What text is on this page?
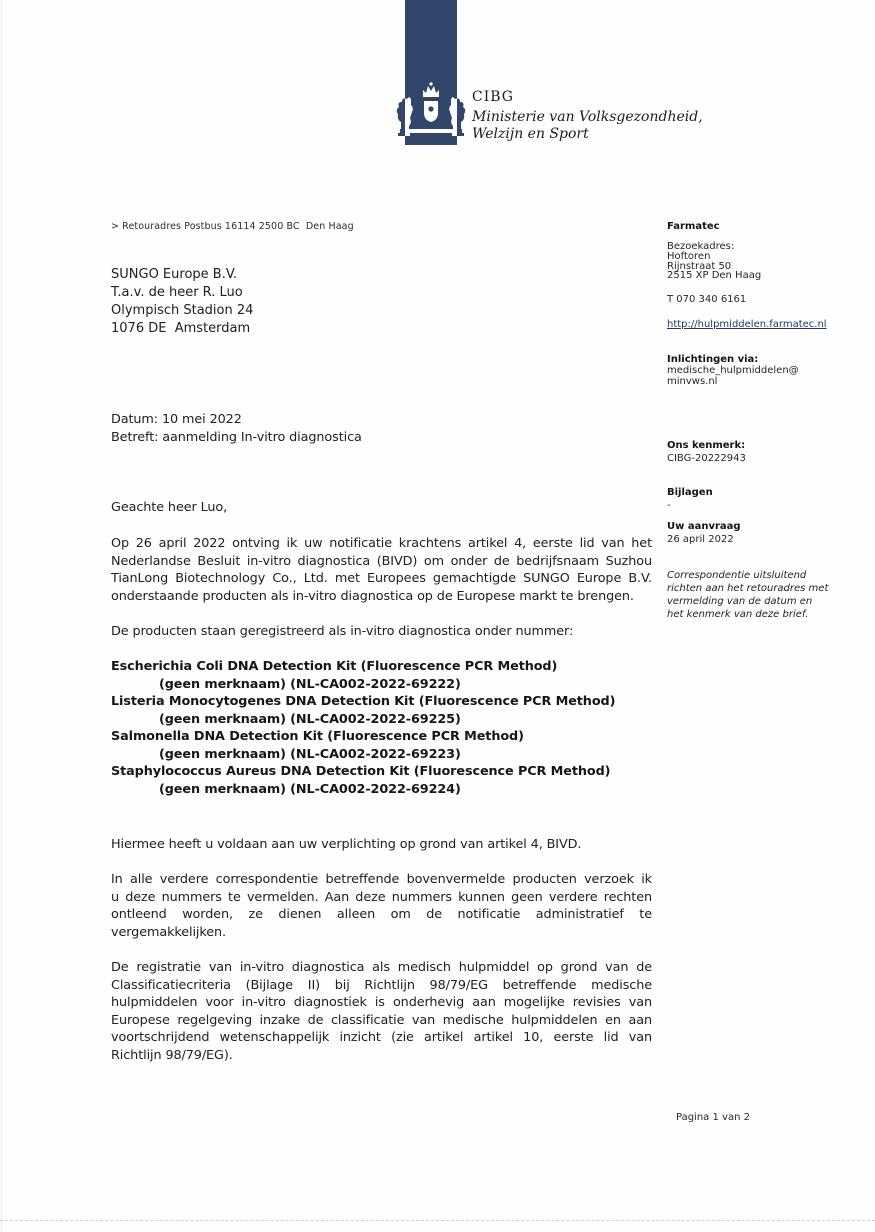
CIBG
Ministerie van Volksgezondheid,
Welzijn en Sport
> Retouradres Postbus 16114 2500 BC  Den Haag
SUNGO Europe B.V.
T.a.v. de heer R. Luo
Olympisch Stadion 24
1076 DE  Amsterdam
Datum: 10 mei 2022
Betreft: aanmelding In-vitro diagnostica
Geachte heer Luo,
Op 26 april 2022 ontving ik uw notificatie krachtens artikel 4, eerste lid van het
Nederlandse Besluit in-vitro diagnostica (BIVD) om onder de bedrijfsnaam Suzhou
TianLong Biotechnology Co., Ltd. met Europees gemachtigde SUNGO Europe B.V.
onderstaande producten als in-vitro diagnostica op de Europese markt te brengen.
De producten staan geregistreerd als in-vitro diagnostica onder nummer:
Escherichia Coli DNA Detection Kit (Fluorescence PCR Method)
(geen merknaam) (NL-CA002-2022-69222)
Listeria Monocytogenes DNA Detection Kit (Fluorescence PCR Method)
(geen merknaam) (NL-CA002-2022-69225)
Salmonella DNA Detection Kit (Fluorescence PCR Method)
(geen merknaam) (NL-CA002-2022-69223)
Staphylococcus Aureus DNA Detection Kit (Fluorescence PCR Method)
(geen merknaam) (NL-CA002-2022-69224)
Hiermee heeft u voldaan aan uw verplichting op grond van artikel 4, BIVD.
In alle verdere correspondentie betreffende bovenvermelde producten verzoek ik
u deze nummers te vermelden. Aan deze nummers kunnen geen verdere rechten
ontleend worden, ze dienen alleen om de notificatie administratief te
vergemakkelijken.
De registratie van in-vitro diagnostica als medisch hulpmiddel op grond van de
Classificatiecriteria (Bijlage II) bij Richtlijn 98/79/EG betreffende medische
hulpmiddelen voor in-vitro diagnostiek is onderhevig aan mogelijke revisies van
Europese regelgeving inzake de classificatie van medische hulpmiddelen en aan
voortschrijdend wetenschappelijk inzicht (zie artikel artikel 10, eerste lid van
Richtlijn 98/79/EG).
Pagina 1 van 2
Farmatec
Bezoekadres:
Hoftoren
Rijnstraat 50
2515 XP Den Haag
T 070 340 6161
http://hulpmiddelen.farmatec.nl
Inlichtingen via:
medische_hulpmiddelen@
minvws.nl
Ons kenmerk:
CIBG-20222943
Bijlagen
-
Uw aanvraag
26 april 2022
Correspondentie uitsluitend
richten aan het retouradres met
vermelding van de datum en
het kenmerk van deze brief.
